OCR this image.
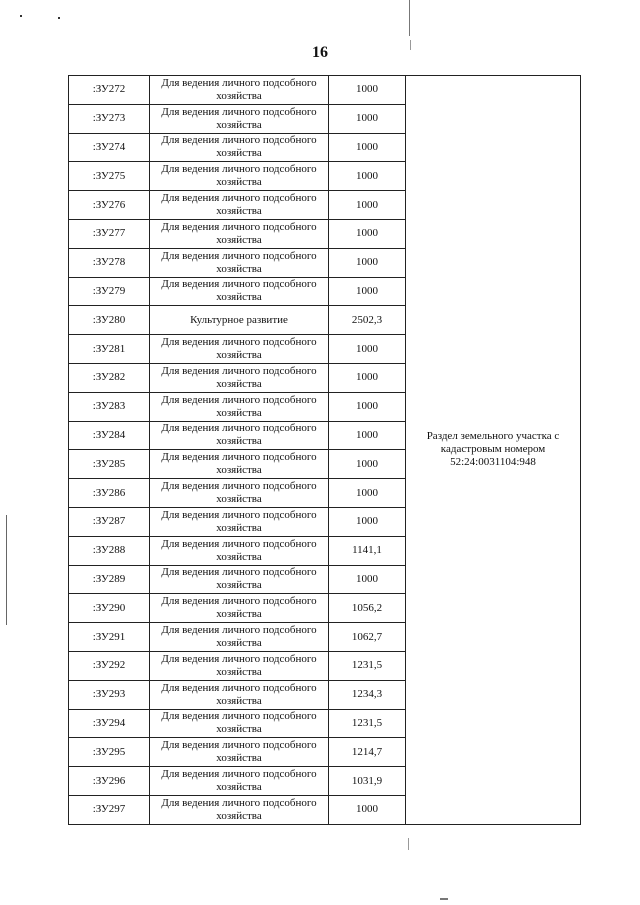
16
:ЗУ272	Для ведения личного подсобного хозяйства	1000	Раздел земельного участка с кадастровым номером 52:24:0031104:948
:ЗУ273	Для ведения личного подсобного хозяйства	1000	
:ЗУ274	Для ведения личного подсобного хозяйства	1000	
:ЗУ275	Для ведения личного подсобного хозяйства	1000	
:ЗУ276	Для ведения личного подсобного хозяйства	1000	
:ЗУ277	Для ведения личного подсобного хозяйства	1000	
:ЗУ278	Для ведения личного подсобного хозяйства	1000	
:ЗУ279	Для ведения личного подсобного хозяйства	1000	
:ЗУ280	Культурное развитие	2502,3	
:ЗУ281	Для ведения личного подсобного хозяйства	1000	
:ЗУ282	Для ведения личного подсобного хозяйства	1000	
:ЗУ283	Для ведения личного подсобного хозяйства	1000	
:ЗУ284	Для ведения личного подсобного хозяйства	1000	
:ЗУ285	Для ведения личного подсобного хозяйства	1000	
:ЗУ286	Для ведения личного подсобного хозяйства	1000	
:ЗУ287	Для ведения личного подсобного хозяйства	1000	
:ЗУ288	Для ведения личного подсобного хозяйства	1141,1	
:ЗУ289	Для ведения личного подсобного хозяйства	1000	
:ЗУ290	Для ведения личного подсобного хозяйства	1056,2	
:ЗУ291	Для ведения личного подсобного хозяйства	1062,7	
:ЗУ292	Для ведения личного подсобного хозяйства	1231,5	
:ЗУ293	Для ведения личного подсобного хозяйства	1234,3	
:ЗУ294	Для ведения личного подсобного хозяйства	1231,5	
:ЗУ295	Для ведения личного подсобного хозяйства	1214,7	
:ЗУ296	Для ведения личного подсобного хозяйства	1031,9	
:ЗУ297	Для ведения личного подсобного хозяйства	1000	
